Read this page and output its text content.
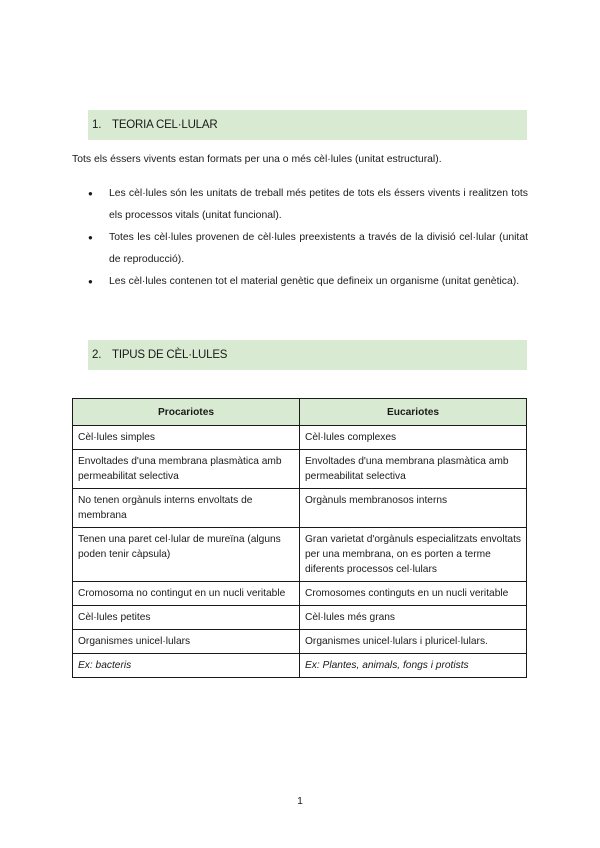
1. TEORIA CEL·LULAR
Tots els éssers vivents estan formats per una o més cèl·lules (unitat estructural).
● Les cèl·lules són les unitats de treball més petites de tots els éssers vivents i realitzen tots els processos vitals (unitat funcional).
● Totes les cèl·lules provenen de cèl·lules preexistents a través de la divisió cel·lular (unitat de reproducció).
● Les cèl·lules contenen tot el material genètic que defineix un organisme (unitat genètica).
2. TIPUS DE CÈL·LULES
Procariotes	Eucariotes
Cèl·lules simples	Cèl·lules complexes
Envoltades d'una membrana plasmàtica amb permeabilitat selectiva	Envoltades d'una membrana plasmàtica amb permeabilitat selectiva
No tenen orgànuls interns envoltats de membrana	Orgànuls membranosos interns
Tenen una paret cel·lular de mureïna (alguns poden tenir càpsula)	Gran varietat d'orgànuls especialitzats envoltats per una membrana, on es porten a terme diferents processos cel·lulars
Cromosoma no contingut en un nucli veritable	Cromosomes continguts en un nucli veritable
Cèl·lules petites	Cèl·lules més grans
Organismes unicel·lulars	Organismes unicel·lulars i pluricel·lulars.
Ex: bacteris	Ex: Plantes, animals, fongs i protists
1
